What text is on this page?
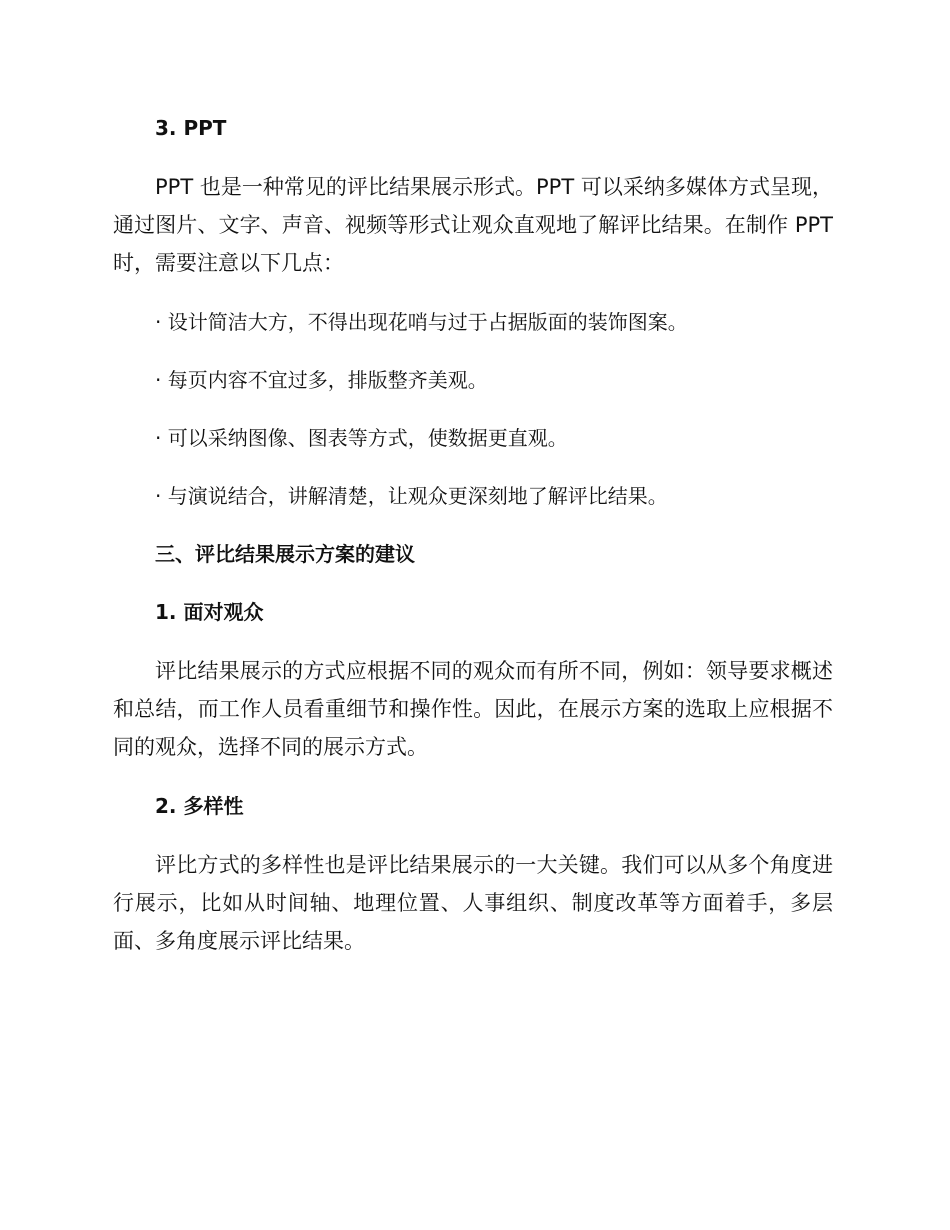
3. PPT
PPT 也是一种常见的评比结果展示形式。PPT 可以采纳多媒体方式呈现，通过图片、文字、声音、视频等形式让观众直观地了解评比结果。在制作 PPT 时，需要注意以下几点：
· 设计简洁大方，不得出现花哨与过于占据版面的装饰图案。
· 每页内容不宜过多，排版整齐美观。
· 可以采纳图像、图表等方式，使数据更直观。
· 与演说结合，讲解清楚，让观众更深刻地了解评比结果。
三、评比结果展示方案的建议
1. 面对观众
评比结果展示的方式应根据不同的观众而有所不同，例如：领导要求概述和总结，而工作人员看重细节和操作性。因此，在展示方案的选取上应根据不同的观众，选择不同的展示方式。
2. 多样性
评比方式的多样性也是评比结果展示的一大关键。我们可以从多个角度进行展示，比如从时间轴、地理位置、人事组织、制度改革等方面着手，多层面、多角度展示评比结果。
